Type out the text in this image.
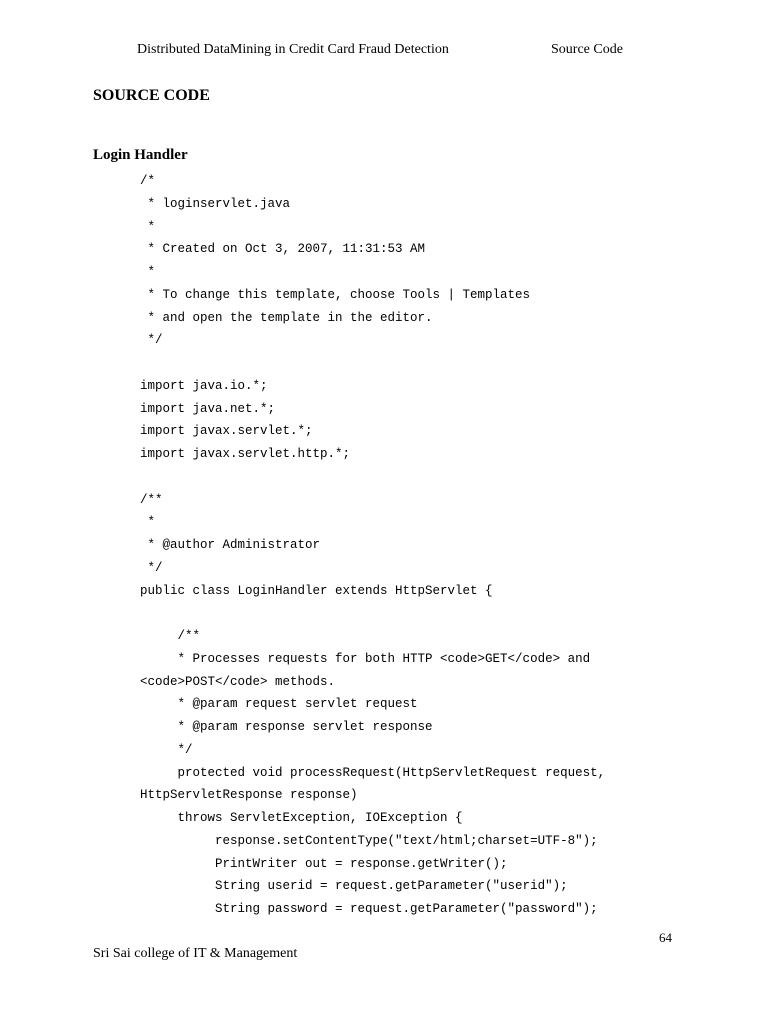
Distributed DataMining in Credit Card Fraud Detection	Source Code
SOURCE CODE
Login Handler
/*
* loginservlet.java
*
* Created on Oct 3, 2007, 11:31:53 AM
*
* To change this template, choose Tools | Templates
* and open the template in the editor.
*/
import java.io.*;
import java.net.*;
import javax.servlet.*;
import javax.servlet.http.*;
/**
*
* @author Administrator
*/
public class LoginHandler extends HttpServlet {
/**
* Processes requests for both HTTP <code>GET</code> and
<code>POST</code> methods.
* @param request servlet request
* @param response servlet response
*/
protected void processRequest(HttpServletRequest request,
HttpServletResponse response)
throws ServletException, IOException {
response.setContentType("text/html;charset=UTF-8");
PrintWriter out = response.getWriter();
String userid = request.getParameter("userid");
String password = request.getParameter("password");
64
Sri Sai college of IT & Management
